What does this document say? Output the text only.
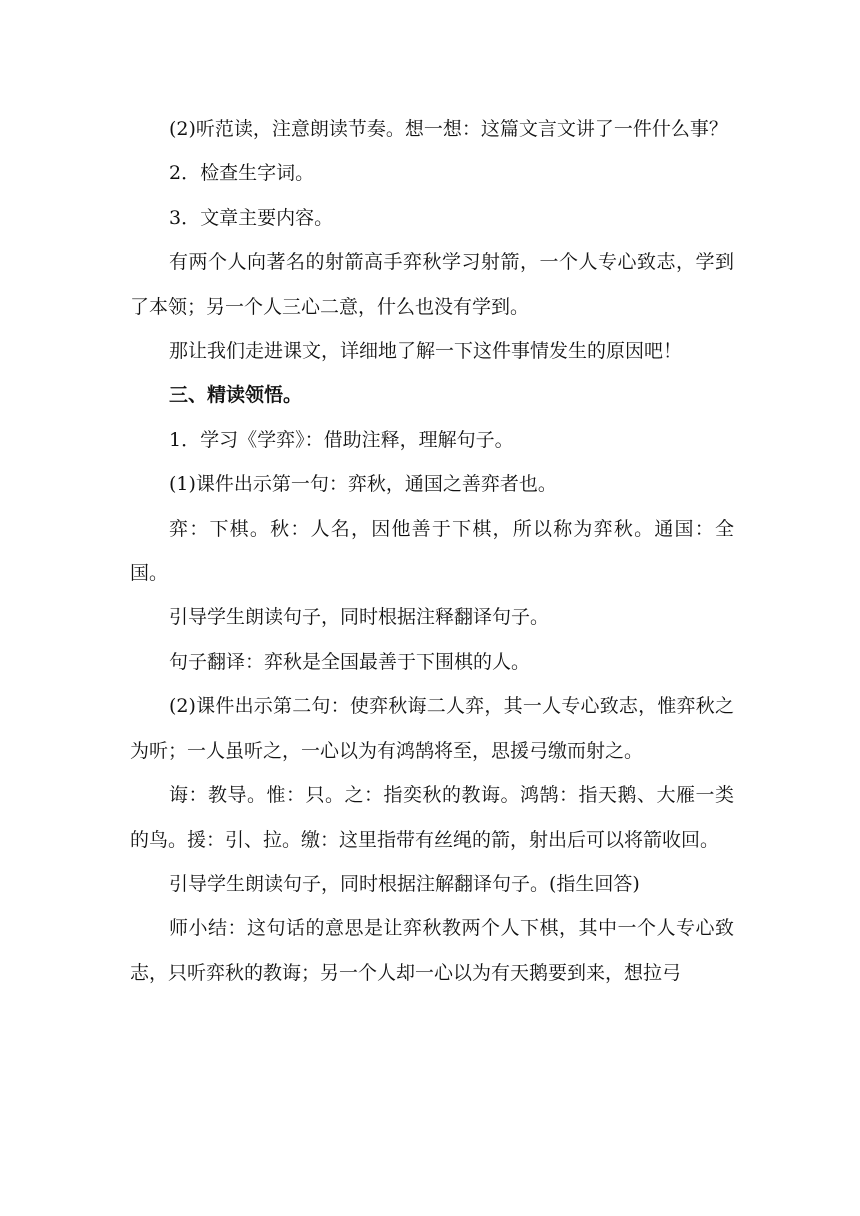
(2)听范读，注意朗读节奏。想一想：这篇文言文讲了一件什么事？

2．检查生字词。

3．文章主要内容。

有两个人向著名的射箭高手弈秋学习射箭，一个人专心致志，学到了本领；另一个人三心二意，什么也没有学到。

那让我们走进课文，详细地了解一下这件事情发生的原因吧！

三、精读领悟。

1．学习《学弈》：借助注释，理解句子。

(1)课件出示第一句：弈秋，通国之善弈者也。

弈：下棋。秋：人名，因他善于下棋，所以称为弈秋。通国：全国。

引导学生朗读句子，同时根据注释翻译句子。

句子翻译：弈秋是全国最善于下围棋的人。

(2)课件出示第二句：使弈秋诲二人弈，其一人专心致志，惟弈秋之为听；一人虽听之，一心以为有鸿鹄将至，思援弓缴而射之。

诲：教导。惟：只。之：指奕秋的教诲。鸿鹄：指天鹅、大雁一类的鸟。援：引、拉。缴：这里指带有丝绳的箭，射出后可以将箭收回。

引导学生朗读句子，同时根据注解翻译句子。(指生回答)

师小结：这句话的意思是让弈秋教两个人下棋，其中一个人专心致志，只听弈秋的教诲；另一个人却一心以为有天鹅要到来，想拉弓
